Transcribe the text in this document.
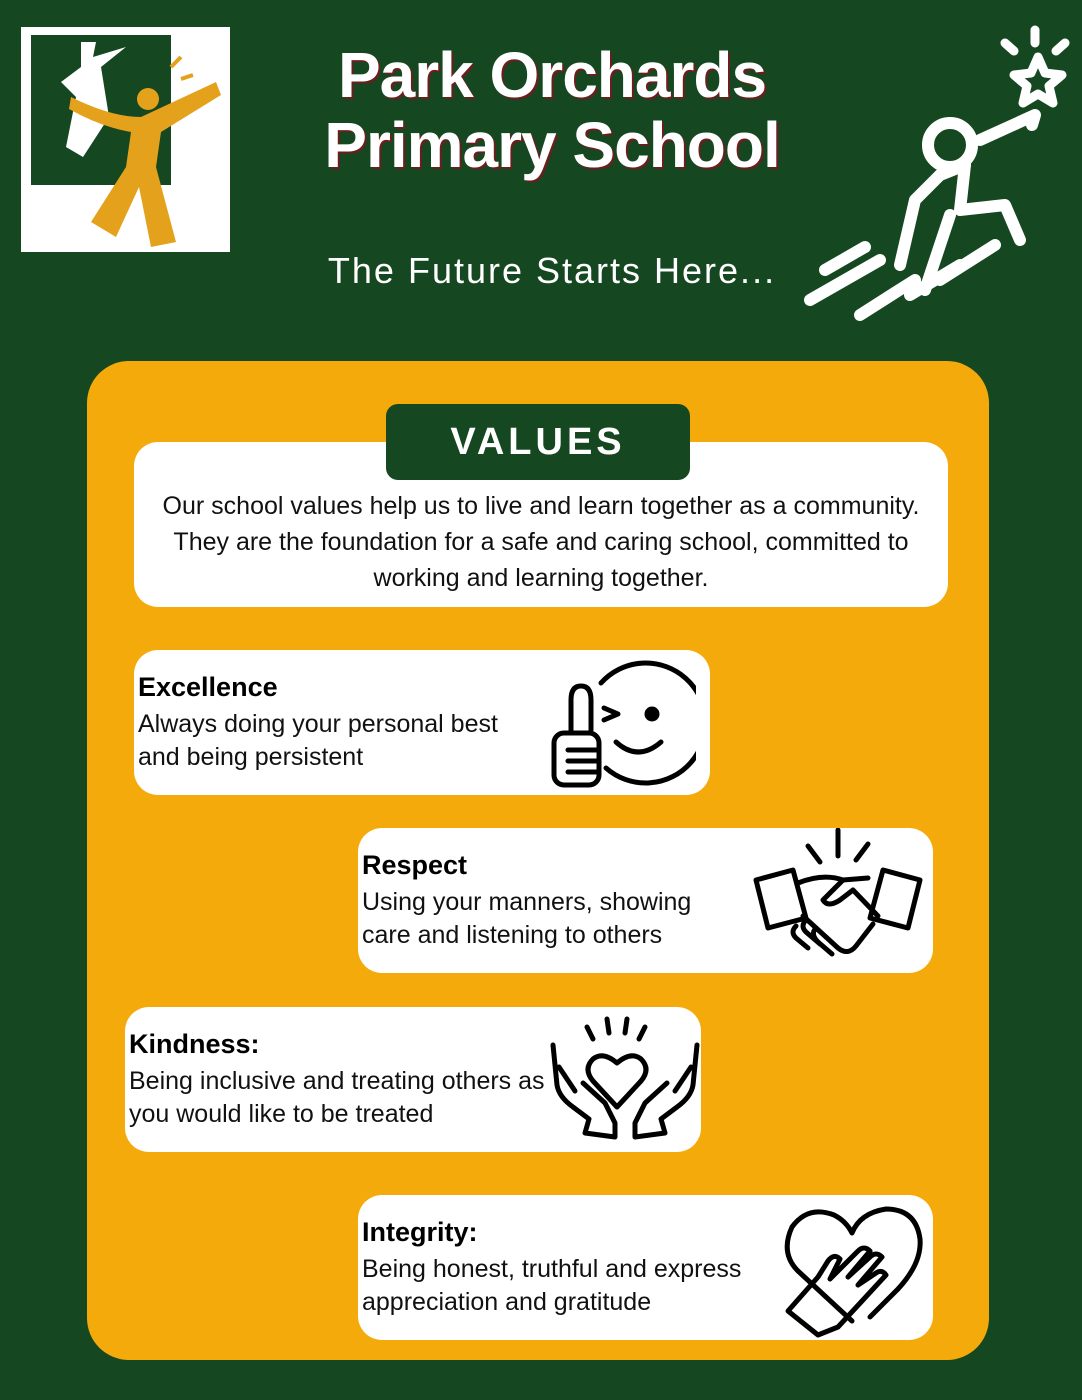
Park Orchards
Primary School
The Future Starts Here...
VALUES

Our school values help us to live and learn together as a community. They are the foundation for a safe and caring school, committed to working and learning together.

Excellence
Always doing your personal best and being persistent
Respect
Using your manners, showing care and listening to others
Kindness:
Being inclusive and treating others as you would like to be treated
Integrity:
Being honest, truthful and express appreciation and gratitude
